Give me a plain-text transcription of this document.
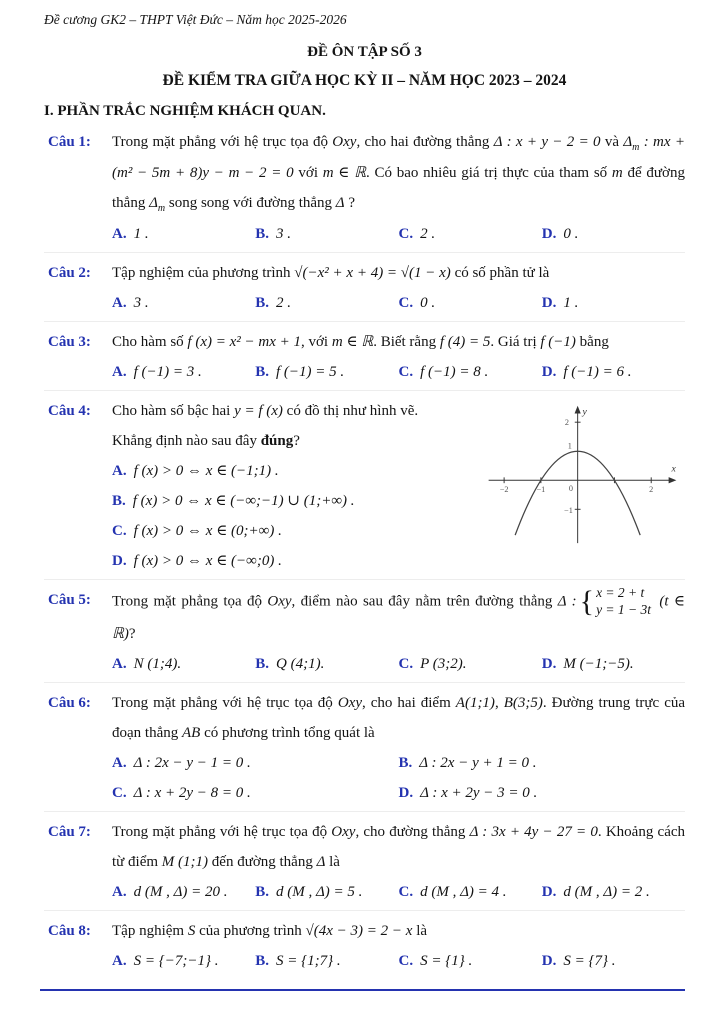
Đề cương GK2 – THPT Việt Đức – Năm học 2025-2026
ĐỀ ÔN TẬP SỐ 3
ĐỀ KIỂM TRA GIỮA HỌC KỲ II – NĂM HỌC 2023 – 2024
I. PHẦN TRẮC NGHIỆM KHÁCH QUAN.
Câu 1:	Trong mặt phẳng với hệ trục tọa độ Oxy, cho hai đường thẳng Δ : x + y − 2 = 0 và $\Delta_m$ : mx + (m² − 5m + 8)y − m − 2 = 0 với m ∈ ℝ. Có bao nhiêu giá trị thực của tham số m để đường thẳng $\Delta_m$ song song với đường thẳng Δ ?
A. 1 .	B. 3 .	C. 2 .	D. 0 .
Câu 2:	Tập nghiệm của phương trình √(−x² + x + 4) = √(1 − x) có số phần tử là
A. 3 .	B. 2 .	C. 0 .	D. 1 .
Câu 3:	Cho hàm số f (x) = x² − mx + 1, với m ∈ ℝ. Biết rằng f (4) = 5. Giá trị f (−1) bằng
A. f (−1) = 3 .	B. f (−1) = 5 .	C. f (−1) = 8 .	D. f (−1) = 6 .
Câu 4:	y
x
2
1
−1
−2	−1	0	2
Cho hàm số bậc hai y = f (x) có đồ thị như hình vẽ.
Khẳng định nào sau đây đúng?
A. f (x) > 0 ⇔ x ∈ (−1;1) .
B. f (x) > 0 ⇔ x ∈ (−∞;−1) ∪ (1;+∞) .
C. f (x) > 0 ⇔ x ∈ (0;+∞) .
D. f (x) > 0 ⇔ x ∈ (−∞;0) .
Câu 5:	Trong mặt phẳng tọa độ Oxy, điểm nào sau đây nằm trên đường thẳng Δ : { x = 2 + t
y = 1 − 3t
(t ∈ ℝ)?
A. N (1;4).	B. Q (4;1).	C. P (3;2).	D. M (−1;−5).
Câu 6:	Trong mặt phẳng với hệ trục tọa độ Oxy, cho hai điểm A(1;1), B(3;5). Đường trung trực của đoạn thẳng AB có phương trình tổng quát là
A. Δ : 2x − y − 1 = 0 .	B. Δ : 2x − y + 1 = 0 .
C. Δ : x + 2y − 8 = 0 .	D. Δ : x + 2y − 3 = 0 .
Câu 7:	Trong mặt phẳng với hệ trục tọa độ Oxy, cho đường thẳng Δ : 3x + 4y − 27 = 0. Khoảng cách từ điểm M (1;1) đến đường thẳng Δ là
A. d (M , Δ) = 20 .	B. d (M , Δ) = 5 .	C. d (M , Δ) = 4 .	D. d (M , Δ) = 2 .
Câu 8:	Tập nghiệm S của phương trình √(4x − 3) = 2 − x là
A. S = {−7;−1} .	B. S = {1;7} .	C. S = {1} .	D. S = {7} .
